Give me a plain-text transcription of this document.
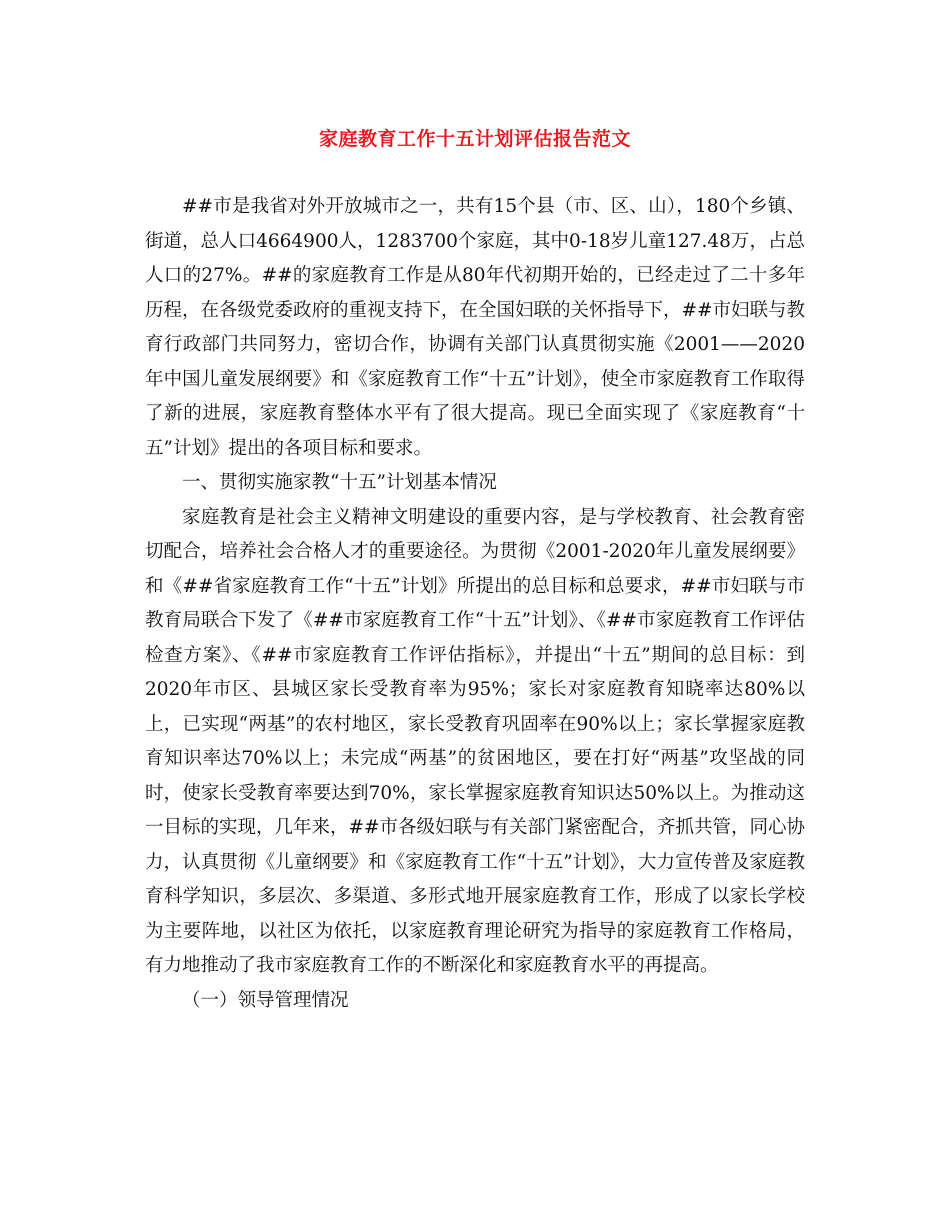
家庭教育工作十五计划评估报告范文

##市是我省对外开放城市之一，共有15个县（市、区、山），180个乡镇、街道，总人口4664900人，1283700个家庭，其中0-18岁儿童127.48万，占总人口的27%。##的家庭教育工作是从80年代初期开始的，已经走过了二十多年历程，在各级党委政府的重视支持下，在全国妇联的关怀指导下，##市妇联与教育行政部门共同努力，密切合作，协调有关部门认真贯彻实施《2001——2020年中国儿童发展纲要》和《家庭教育工作“十五”计划》，使全市家庭教育工作取得了新的进展，家庭教育整体水平有了很大提高。现已全面实现了《家庭教育“十五”计划》提出的各项目标和要求。

一、贯彻实施家教“十五”计划基本情况

家庭教育是社会主义精神文明建设的重要内容，是与学校教育、社会教育密切配合，培养社会合格人才的重要途径。为贯彻《2001-2020年儿童发展纲要》和《##省家庭教育工作“十五”计划》所提出的总目标和总要求，##市妇联与市教育局联合下发了《##市家庭教育工作“十五”计划》、《##市家庭教育工作评估检查方案》、《##市家庭教育工作评估指标》，并提出“十五”期间的总目标：到2020年市区、县城区家长受教育率为95%；家长对家庭教育知晓率达80%以上，已实现“两基”的农村地区，家长受教育巩固率在90%以上；家长掌握家庭教育知识率达70%以上；未完成“两基”的贫困地区，要在打好“两基”攻坚战的同时，使家长受教育率要达到70%，家长掌握家庭教育知识达50%以上。为推动这一目标的实现，几年来，##市各级妇联与有关部门紧密配合，齐抓共管，同心协力，认真贯彻《儿童纲要》和《家庭教育工作“十五”计划》，大力宣传普及家庭教育科学知识，多层次、多渠道、多形式地开展家庭教育工作，形成了以家长学校为主要阵地，以社区为依托，以家庭教育理论研究为指导的家庭教育工作格局，有力地推动了我市家庭教育工作的不断深化和家庭教育水平的再提高。

（一）领导管理情况
